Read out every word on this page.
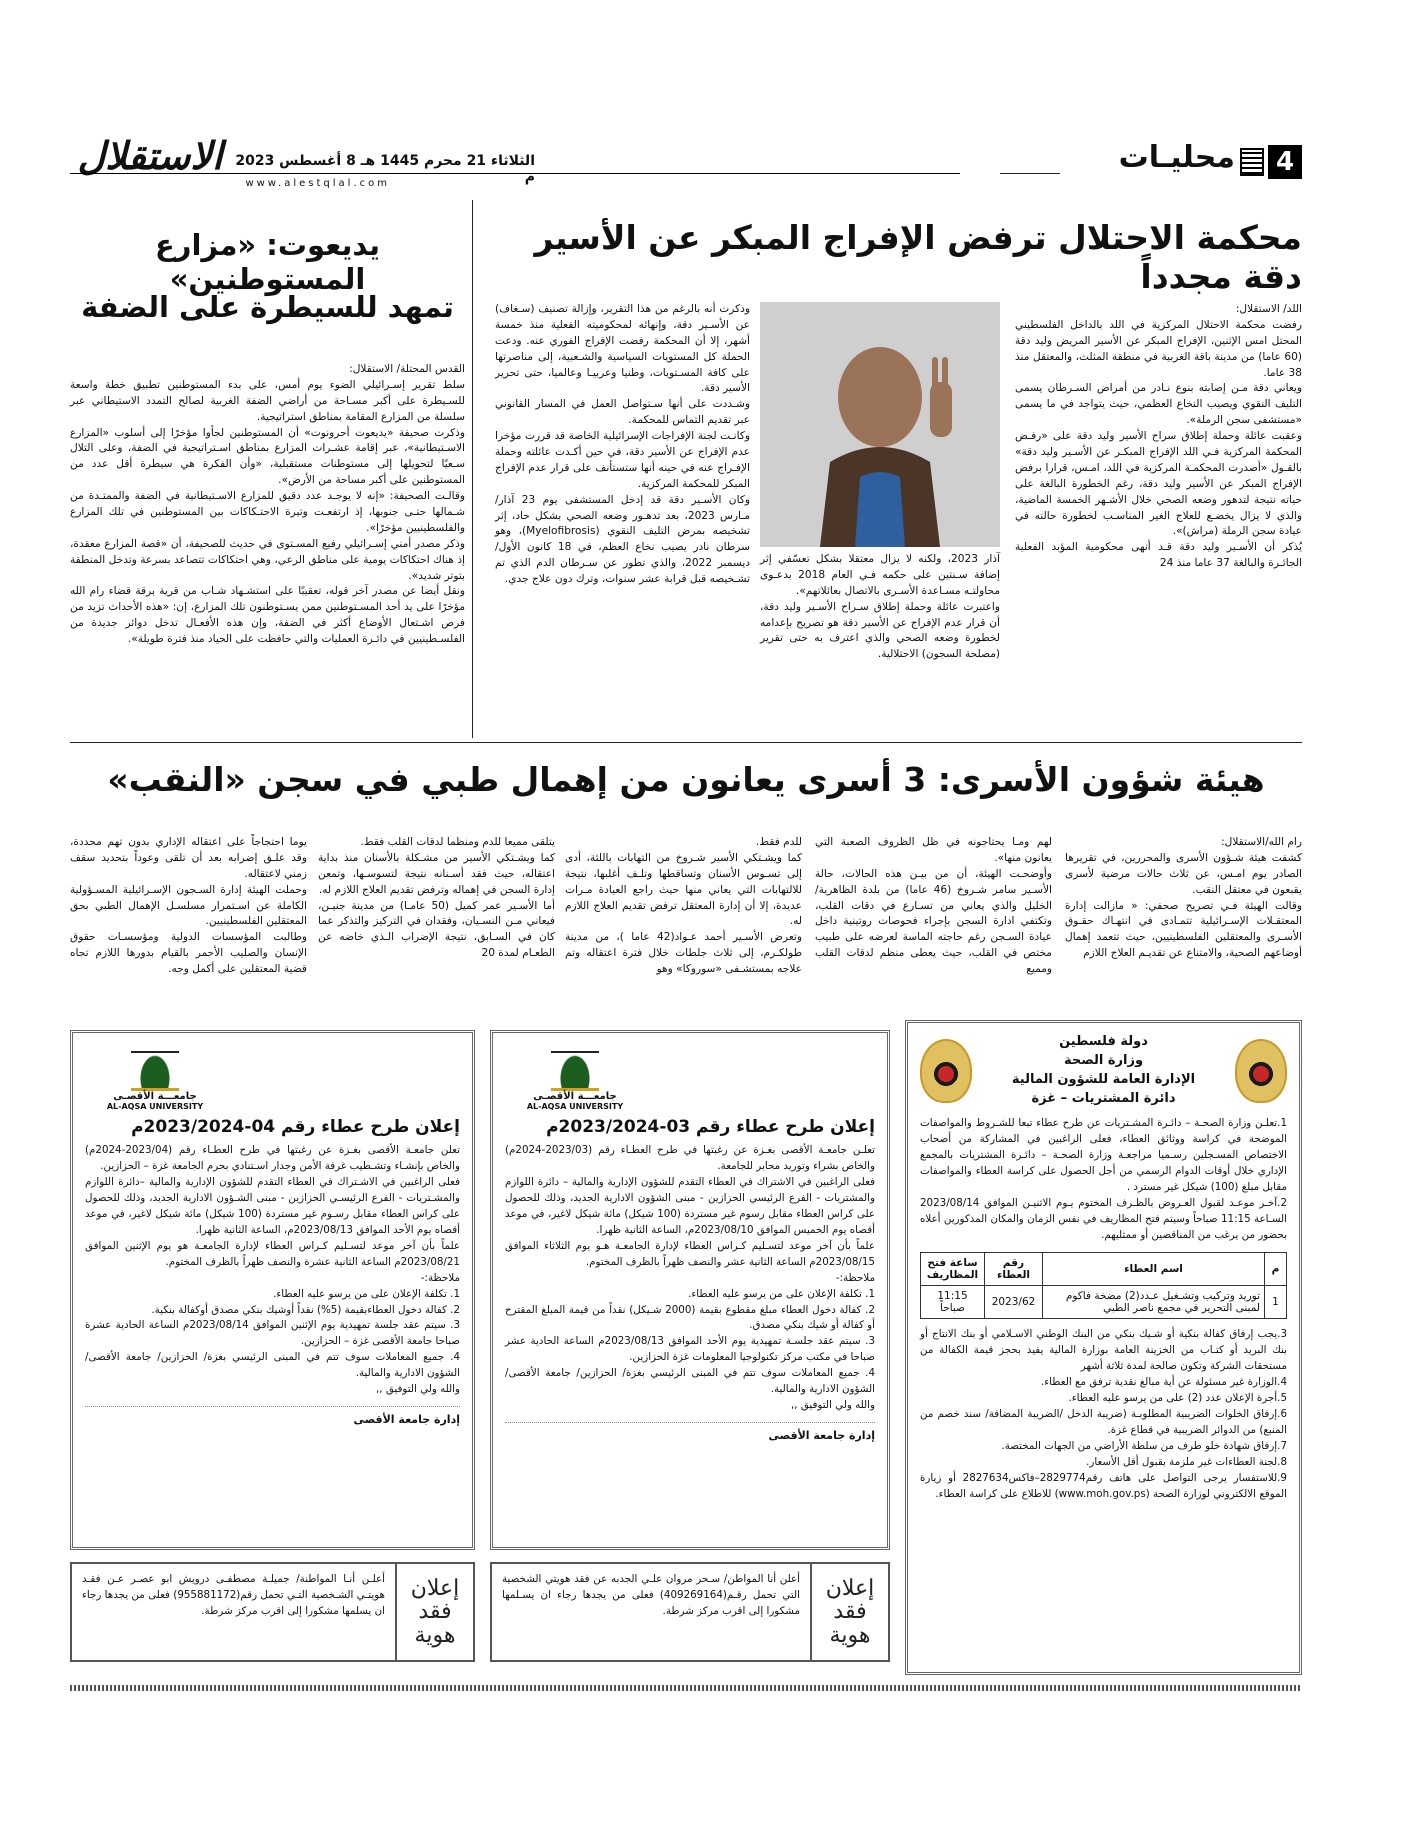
4
محليـات
الثلاثاء 21 محرم 1445 هـ 8 أغسطس 2023 م
الاستقلال
www.alestqlal.com
محكمة الاحتلال ترفض الإفراج المبكر عن الأسير دقة مجدداً

اللد/ الاستقلال:
رفضت محكمة الاحتلال المركزية في اللد بالداخل الفلسطيني المحتل امس الإثنين، الإفراج المبكر عن الأسير المريض وليد دقة (60 عاما) من مدينة باقة الغربية في منطقة المثلث، والمعتقل منذ 38 عاما.
ويعاني دقة مـن إصابته بنوع نـادر من أمراض السـرطان يسمى التليف النقوي ويصيب النخاع العظمي، حيث يتواجد في ما يسمى «مستشفى سجن الرملة».
وعقبت عائلة وحملة إطلاق سراح الأسير وليد دقة على «رفـض المحكمة المركزية فـي اللد الإفراج المبكـر عن الأسـير وليد دقة» بالقـول «أصدرت المحكمـة المركزية في اللد، امـس، قرارا برفض الإفراج المبكر عن الأسير وليد دقة، رغم الخطورة البالغة على حياته نتيجة لتدهور وضعه الصحي خلال الأشـهر الخمسة الماضية، والذي لا يزال يخضـع للعلاج الغير المناسـب لخطورة حالته في عيادة سجن الرملة (مراش)».
يُذكر أن الأسـير وليد دقة قـد أنهى محكومية المؤبد الفعلية الجائـرة والبالغة 37 عاما منذ 24

آذار 2023، ولكنه لا يزال معتقلا بشكل تعسّفي إثر إضافة سـنتين على حكمه فـي العام 2018 بدعـوى محاولتـه مسـاعدة الأسـرى بالاتصال بعائلاتهم».
واعتبرت عائلة وحملة إطلاق سـراح الأسـير وليد دقة، أن قرار عدم الإفراج عن الأسير دقة هو تصريح بإعدامه لخطورة وضعه الصحي والذي اعترف به حتى تقرير (مصلحة السجون) الاحتلالية.

وذكرت أنه بالرغم من هذا التقرير، وإزالة تصنيف (سـغاف) عن الأسـير دقة، وإنهائه لمحكوميته الفعلية منذ خمسة أشهر، إلا أن المحكمة رفضت الإفراج الفوري عنه. ودعت الحملة كل المستويات السياسية والشـعبية، إلى مناصرتها على كافة المسـتويات، وطنيا وعربيـا وعالميا، حتى تحرير الأسير دقة.
وشـددت على أنها سـتواصل العمل في المسار القانوني عبر تقديم التماس للمحكمة.
وكانـت لجنة الإفراجات الإسرائيلية الخاصة قد قررت مؤخرا عدم الإفراج عن الأسير دقة، في حين أكـدت عائلته وحملة الإفـراج عنه في حينه أنها ستستأنف على قرار عدم الإفراج المبكر للمحكمة المركزية.
وكان الأسـير دقة قد إدخل المستشفى يوم 23 آذار/ مـارس 2023، بعد تدهـور وضعه الصحي بشكل حاد، إثر تشخيصه بمرض التليف النقوي (Myelofibrosis)، وهو سرطان نادر يصيب نخاع العظم، في 18 كانون الأول/ ديسمبر 2022، والذي تطور عن سـرطان الدم الذي تم تشـخيصه قبل قرابة عشر سنوات، وترك دون علاج جدي.

يديعوت: «مزارع المستوطنين»
تمهد للسيطرة على الضفة

القدس المحتلة/ الاستقلال:
سلط تقرير إسـرائيلي الضوء يوم أمس، على بدء المستوطنين تطبيق خطة واسعة للسـيطرة على أكبر مسـاحة من أراضي الضفة الغربية لصالح التمدد الاستيطاني عبر سلسلة من المزارع المقامة بمناطق استراتيجية.
وذكرت صحيفة «يديعوت أحرونوت» أن المستوطنين لجأوا مؤخرًا إلى أسلوب «المزارع الاسـتيطانية»، عبر إقامة عشـرات المزارع بمناطق اسـتراتيجية في الضفة، وعلى التلال سـعيًا لتحويلها إلى مستوطنات مستقبلية، «وأن الفكرة هي سيطرة أقل عدد من المستوطنين على أكبر مساحة من الأرض».
وقالـت الصحيفة: «إنه لا يوجـد عدد دقيق للمزارع الاسـتيطانية في الضفة والممتـدة من شـمالها حتـى جنوبها، إذ ارتفعـت وتيرة الاحتـكاكات بين المستوطنين في تلك المزارع والفلسطينيين مؤخرًا».
وذكر مصدر أمني إسـرائيلي رفيع المسـتوى في حديث للصحيفة، أن «قصة المزارع معقدة، إذ هناك احتكاكات يومية على مناطق الرعي، وهي احتكاكات تتصاعد بسرعة وتدخل المنطقة بتوتر شديد».
ونقل أيضا عن مصدر آخر قوله، تعقيبًا على استشـهاد شـاب من قرية برقة قضاء رام الله مؤخرًا على يد أحد المسـتوطنين ممن يسـتوطنون تلك المزارع، إن: «هذه الأحداث تزيد من فرص اشـتعال الأوضاع أكثر في الضفة، وإن هذه الأفعـال تدخل دوائر جديدة من الفلسـطينيين في دائـرة العمليات والتي حافظت على الحياد منذ فترة طويلة».

هيئة شؤون الأسرى: 3 أسرى يعانون من إهمال طبي في سجن «النقب»

رام الله/الاستقلال:
كشفت هيئة شـؤون الأسرى والمحررين، في تقريرها الصادر يوم امـس، عن ثلاث حالات مرضية لأسرى يقبعون في معتقل النقب.
وقالت الهيئة فـي تصريح صحفي: « مازالت إدارة المعتقـلات الإسـرائيلية تتمـادى في انتهـاك حقـوق الأسـرى والمعتقلين الفلسطينيين، حيث تتعمد إهمال أوضاعهم الصحية، والامتناع عن تقديـم العلاج اللازم

لهم ومـا يحتاجونه في ظل الظروف الصعبة التي يعانون منها».
وأوضحـت الهيئة، أن من بيـن هذه الحالات، حالة الأسـير سامر شـروخ (46 عاما) من بلدة الظاهرية/الخليل والذي يعاني من تسـارع في دقات القلب، وتكتفي ادارة السجن بإجراء فحوصات روتينية داخل عيادة السـجن رغم حاجته الماسة لعرضه على طبيب مختص في القلب، حيث يعطى منظم لدقات القلب ومميع

للدم فقط.
كما ويشـتكي الأسير شـروخ من التهابات باللثة، أدى إلى تسـوس الأسنان وتساقطها وتلـف أغلبها، نتيجة للالتهابات التي يعاني منها حيث راجع العيادة مـرات عديدة، إلا أن إدارة المعتقل ترفض تقديم العلاج اللازم له.
وتعرض الأسـير أحمد عـواد(42 عاما )، من مدينة طولكـرم، إلى ثلاث جلطات خلال فترة اعتقاله وتم علاجه بمستشـفى «سوروكا» وهو

يتلقى مميعا للدم ومنظما لدقات القلب فقط.
كما ويشـتكي الأسير من مشـكلة بالأسنان منذ بداية اعتقاله، حيث فقد أسـنانه نتيجة لتسوسـها، وتمعن إدارة السجن في إهماله وترفض تقديم العلاج اللازم له.
أما الأسـير عمر كميل (50 عامـا) من مدينة جنيـن، فيعاني مـن النسـيان، وفقدان في التركيز والتذكر عما كان في السـابق، نتيجة الإضراب الـذي خاضه عن الطعـام لمدة 20

يوما احتجاجاً على اعتقاله الإداري بدون تهم محددة، وقد علـق إضرابه بعد أن تلقى وعوداً بتحديد سقف زمني لاعتقاله.
وحملت الهيئة إدارة السـجون الإسـرائيلية المسـؤولية الكاملة عن اسـتمرار مسلسـل الإهمال الطبي بحق المعتقلين الفلسطينيين.
وطالبت المؤسسات الدولية ومؤسسـات حقوق الإنسان والصليب الأحمر بالقيام بدورها اللازم تجاه قضية المعتقلين على أكمل وجه.

دولة فلسطين
وزارة الصحة
الإدارة العامة للشؤون المالية
دائرة المشتريات – غزة

1.تعلـن وزارة الصحـة – دائـرة المشـتريات عن طرح عطاء تبعا للشـروط والمواصفات الموضحة في كراسة ووثائق العطاء، فعلى الراغبين في المشاركة من أصحاب الاختصاص المسـجلين رسـميا مراجعـة وزارة الصحـة – دائـرة المشتريات بالمجمع الإداري خلال أوقات الدوام الرسمي من أجل الحصول على كراسة العطاء والمواصفات مقابل مبلغ (100) شيكل غير مسترد .
2.آخـر موعـد لقبول العـروض بالظـرف المختوم يـوم الاثنيـن الموافق 2023/08/14 السـاعة 11:15 صباحاً وسيتم فتح المظاريف في نفس الزمان والمكان المذكورين أعلاه بحضور من يرغب من المناقصين أو ممثليهم.

م	اسم العطاء	رقم العطاء	ساعة فتح المظاريف
1	توريد وتركيب وتشـغيل عـدد(2) مضخة فاكوم لمبنى التحرير في مجمع ناصر الطبي	2023/62	11:15 صباحاً

3.يجب إرفاق كفالة بنكية أو شـيك بنكي من البنك الوطني الاسـلامي أو بنك الانتاج أو بنك البريد أو كتـاب من الخزينة العامة بوزارة المالية يفيد بحجز قيمة الكفالة من مستحقات الشركة وتكون صالحة لمدة ثلاثة أشهر
4.الوزارة غير مسئولة عن أية مبالغ نقدية ترفق مع العطاء.
5.أجرة الإعلان عدد (2) على من يرسو عليه العطاء.
6.إرفاق الخلوات الضريبية المطلوبـة (ضريبة الدخل /الضريبة المضافة/ سند خصم من المنبع) من الدوائر الضريبية في قطاع غزة.
7.إرفاق شهادة خلو طرف من سلطة الأراضي من الجهات المختصة.
8.لجنة العطاءات غير ملزمة بقبول أقل الأسعار.
9.للاستفسار يرجى التواصل على هاتف رقم2829774–فاكس2827634 أو زيارة الموقع الالكتروني لوزارة الصحة (www.moh.gov.ps) للاطلاع على كراسة العطاء.

جامعـــة الأقصـى
AL-AQSA UNIVERSITY
إعلان طرح عطاء رقم 03-2023/2024م

تعلـن جامعـة الأقصى بغـزة عن رغبتها في طرح العطـاء رقم (2023/03-2024م) والخاص بشراء وتوريد محابر للجامعة.
فعلى الراغبين في الاشتراك في العطاء التقدم للشؤون الإدارية والمالية – دائرة اللوازم والمشتريات - الفرع الرئيسي الحزازين - مبنى الشؤون الادارية الجديد، وذلك للحصول على كراس العطاء مقابل رسوم غير مستردة (100 شيكل) مائة شيكل لاغير، في موعد أقصاه يوم الخميس الموافق 2023/08/10م، الساعة الثانية ظهرا.
علماً بأن آخر موعد لتسـليم كـراس العطاء لإدارة الجامعـة هـو يوم الثلاثاء الموافق 2023/08/15م الساعة الثانية عشر والنصف ظهراً بالظرف المختوم.
ملاحظة:-
1. تكلفة الإعلان على من يرسو عليه العطاء.
2. كفالة دخول العطاء مبلغ مقطوع بقيمة (2000 شـيكل) نقداً من قيمة المبلغ المقترح أو كفالة أو شيك بنكي مصدق.
3. سيتم عقد جلسـة تمهيدية يوم الأحد الموافق 2023/08/13م الساعة الحادية عشر صباحا في مكتب مركز تكنولوجيا المعلومات غزة الحزازين.
4. جميع المعاملات سوف تتم في المبنى الرئيسي بغزة/ الحزازين/ جامعة الأقصى/ الشؤون الادارية والمالية.
والله ولي التوفيق ,,

إدارة جامعة الأقصى
جامعـــة الأقصـى
AL-AQSA UNIVERSITY
إعلان طرح عطاء رقم 04-2023/2024م

تعلن جامعـة الأقصى بغـزة عن رغبتها في طرح العطـاء رقم (2023/04-2024م) والخاص بإنشـاء وتشـطيب غرفة الأمن وجدار اسـتنادي بحرم الجامعة غزة – الحزازين.
فعلى الراغبين في الاشـتراك في العطاء التقدم للشؤون الإدارية والمالية –دائرة اللوازم والمشـتريات - الفرع الرئيسـي الحزازين - مبنى الشـؤون الادارية الجديد، وذلك للحصول على كراس العطاء مقابل رسـوم غير مستردة (100 شيكل) مائة شيكل لاغير، في موعد أقصاه يوم الأحد الموافق 2023/08/13م، الساعة الثانية ظهرا.
علماً بأن آخر موعد لتسـليم كـراس العطاء لإدارة الجامعـة هو يوم الإثنين الموافق 2023/08/21م الساعة الثانية عشرة والنصف ظهراً بالظرف المختوم.
ملاحظة:-
1. تكلفة الإعلان على من يرسو عليه العطاء.
2. كفالة دخول العطاءبقيمة (5%) نقداً أوشيك بنكي مصدق أوكفالة بنكية.
3. سيتم عقد جلسة تمهيدية يوم الإثنين الموافق 2023/08/14م الساعة الحادية عشرة صباحا جامعة الأقصى غزة – الحزازين.
4. جميع المعاملات سوف تتم في المبنى الرئيسي بغزة/ الحزازين/ جامعة الأقصى/ الشؤون الادارية والمالية.
والله ولي التوفيق ,,

إدارة جامعة الأقصى
إعلان فقد هوية
أعلن أنا المواطن/ سـحر مروان علـي الجدبه عن فقد هويتي الشخصية التي تحمل رقـم(409269164) فعلى من يجدها رجاء ان يسـلمها مشكورا إلى اقرب مركز شرطة.
إعلان فقد هوية
أعلـن أنـا المواطنة/ جميلـة مصطفـى درويش ابو عصـر عـن فقـد هويتـي الشـخصية التـي تحمل رقم(955881172) فعلى من يجدها رجاء ان يسلمها مشكورا إلى اقرب مركز شرطة.
